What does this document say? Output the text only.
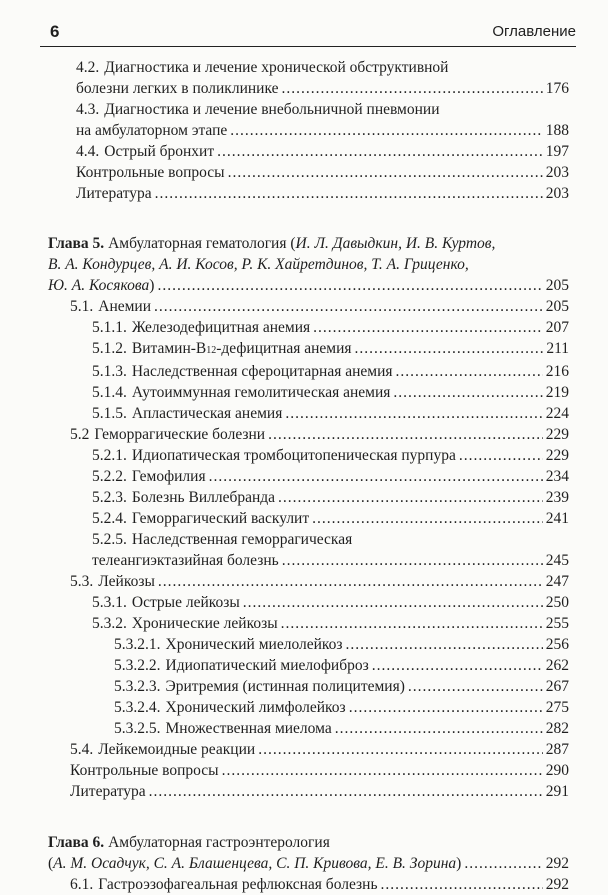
6	Оглавление
4.2. Диагностика и лечение хронической обструктивной
болезни легких в поликлинике .....	176
4.3. Диагностика и лечение внебольничной пневмонии
на амбулаторном этапе .....	188
4.4. Острый бронхит .....	197
Контрольные вопросы .....	203
Литература .....	203
Глава 5. Амбулаторная гематология (И. Л. Давыдкин, И. В. Куртов,
В. А. Кондурцев, А. И. Косов, Р. К. Хайретдинов, Т. А. Гриценко,
Ю. А. Косякова ) .....	205
5.1. Анемии .....	205
5.1.1. Железодефицитная анемия .....	207
5.1.2. Витамин-B 12 -дефицитная анемия .....	211
5.1.3. Наследственная сфероцитарная анемия .....	216
5.1.4. Аутоиммунная гемолитическая анемия .....	219
5.1.5. Апластическая анемия .....	224
5.2 Геморрагические болезни .....	229
5.2.1. Идиопатическая тромбоцитопеническая пурпура .....	229
5.2.2. Гемофилия .....	234
5.2.3. Болезнь Виллебранда .....	239
5.2.4. Геморрагический васкулит .....	241
5.2.5. Наследственная геморрагическая
телеангиэктазийная болезнь .....	245
5.3. Лейкозы .....	247
5.3.1. Острые лейкозы .....	250
5.3.2. Хронические лейкозы .....	255
5.3.2.1. Хронический миелолейкоз .....	256
5.3.2.2. Идиопатический миелофиброз .....	262
5.3.2.3. Эритремия (истинная полицитемия) .....	267
5.3.2.4. Хронический лимфолейкоз .....	275
5.3.2.5. Множественная миелома .....	282
5.4. Лейкемоидные реакции .....	287
Контрольные вопросы .....	290
Литература .....	291
Глава 6. Амбулаторная гастроэнтерология
( А. М. Осадчук, С. А. Блашенцева, С. П. Кривова, Е. В. Зорина ) .....	292
6.1. Гастроэзофагеальная рефлюксная болезнь .....	292
